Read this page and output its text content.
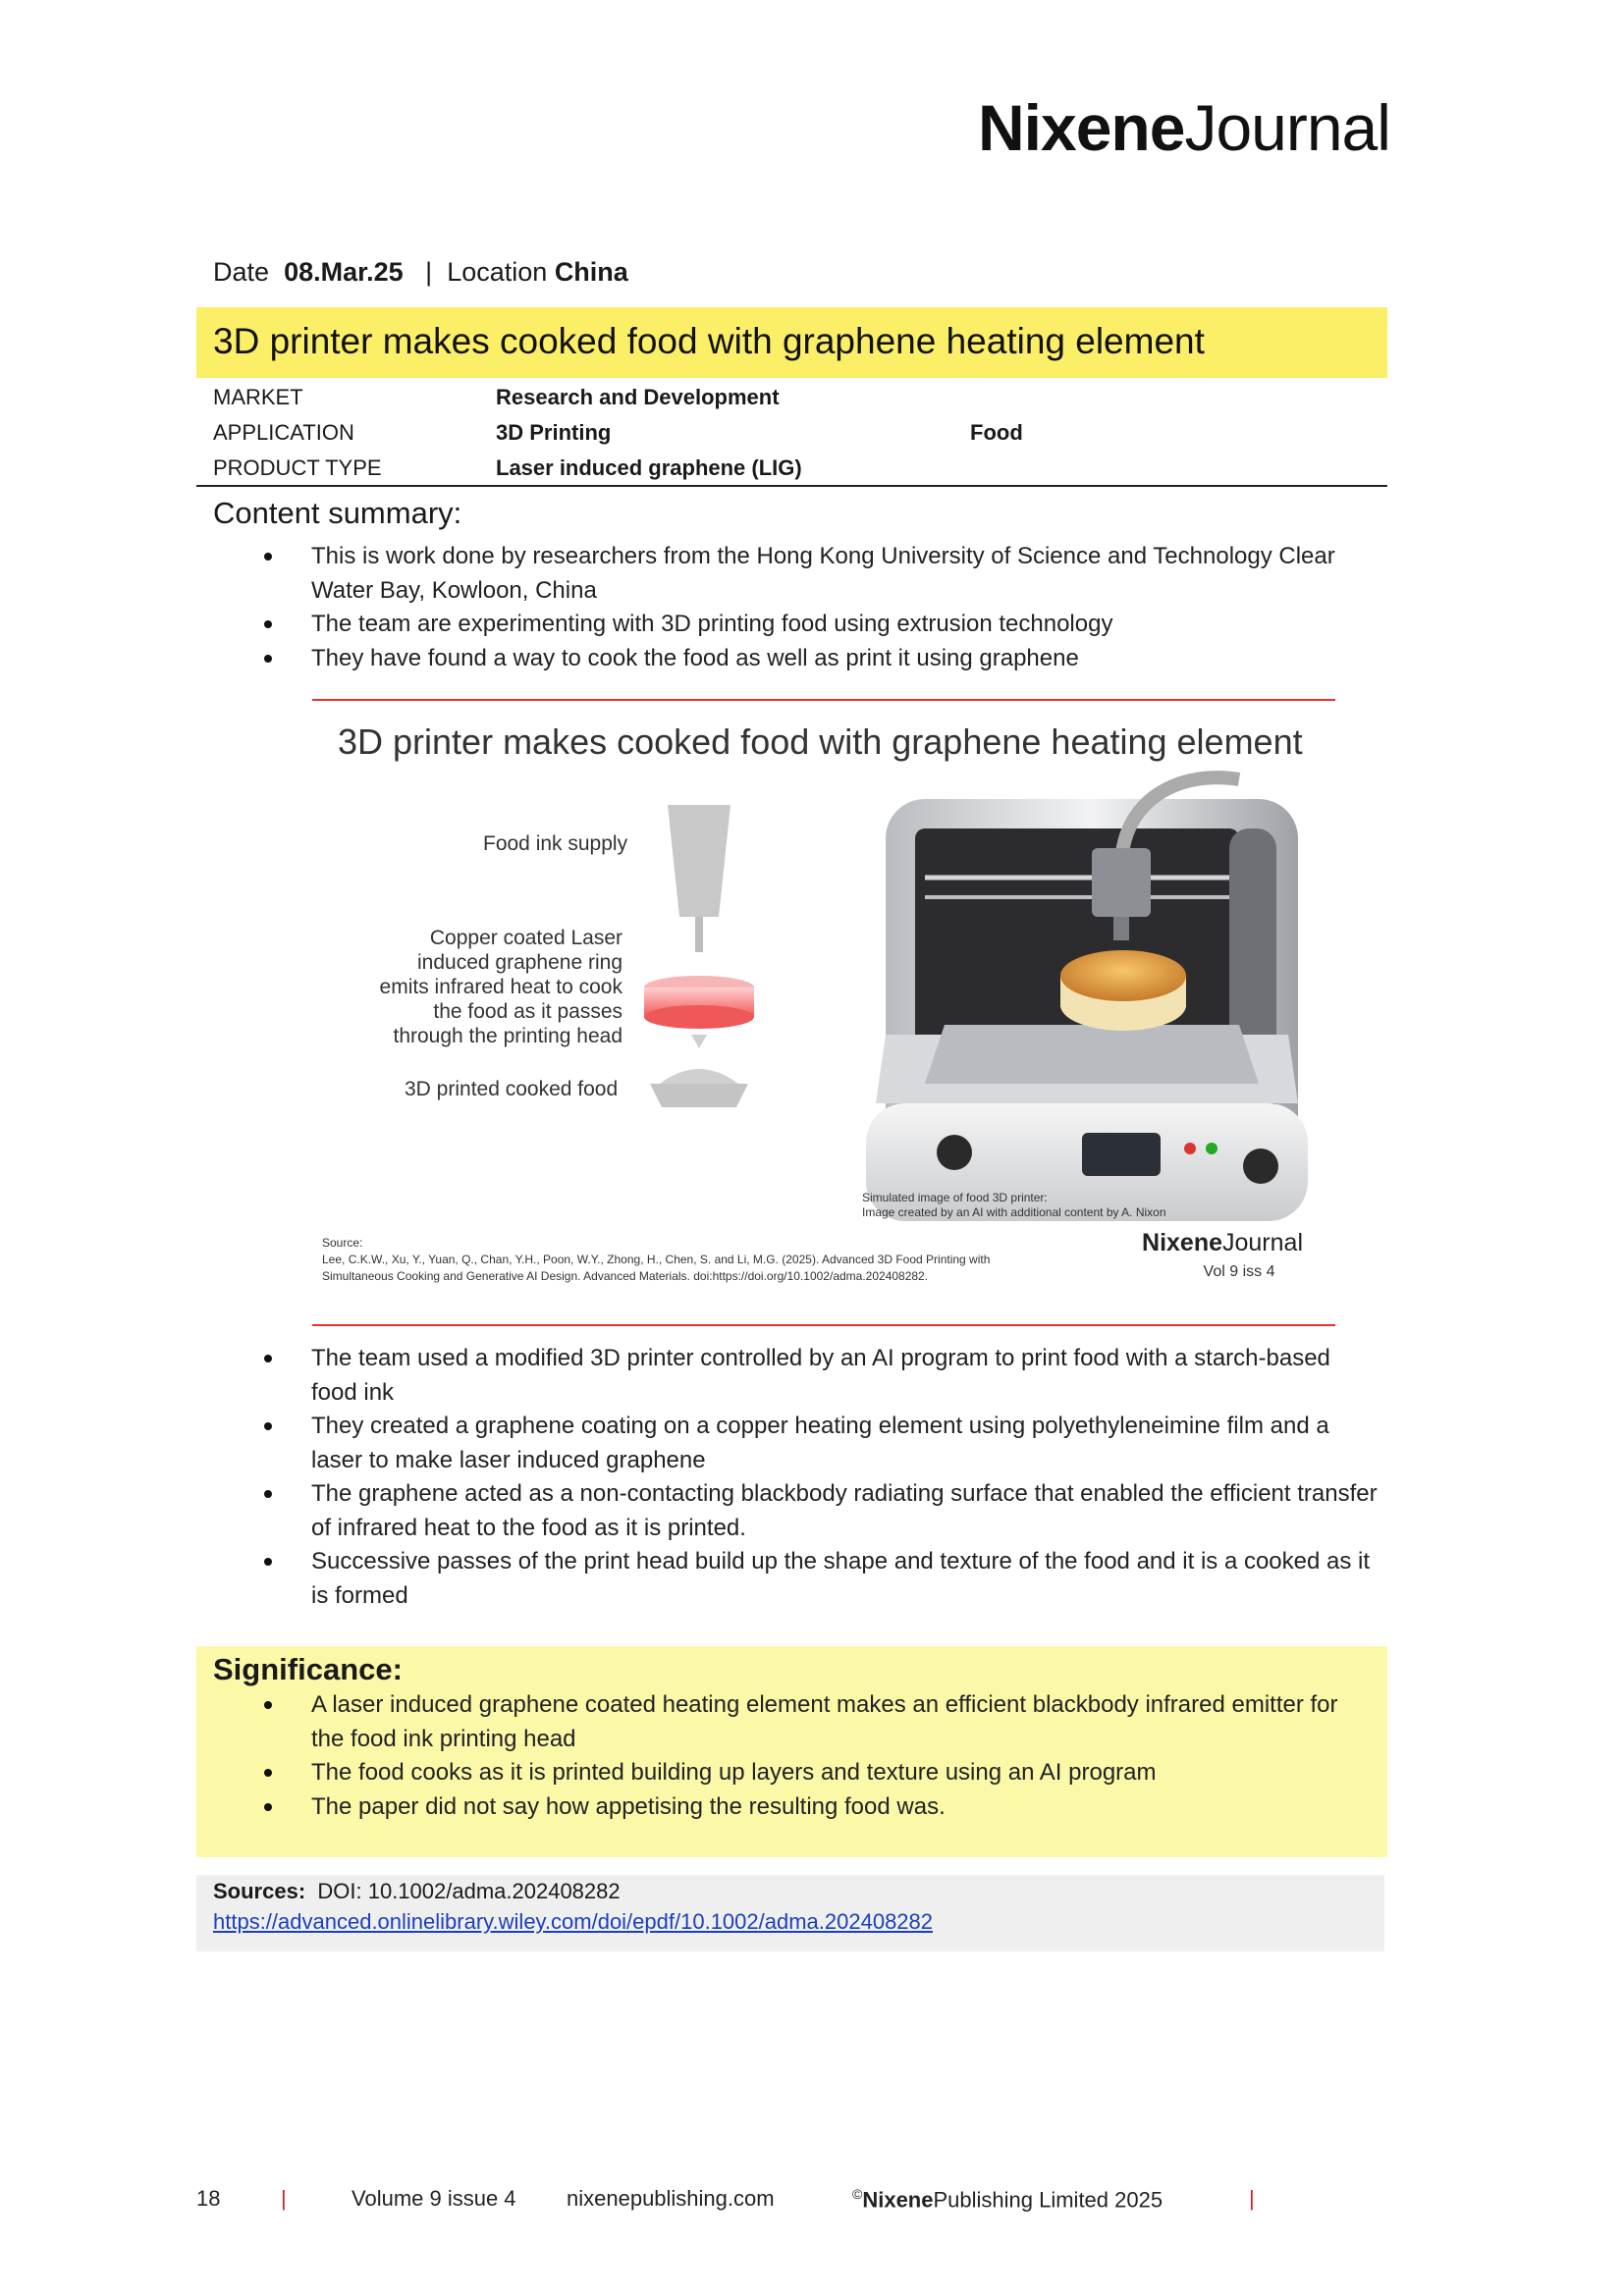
NixeneJournal
Date 08.Mar.25 | Location China
3D printer makes cooked food with graphene heating element
MARKET	Research and Development
APPLICATION	3D Printing	Food
PRODUCT TYPE	Laser induced graphene (LIG)
Content summary:
This is work done by researchers from the Hong Kong University of Science and Technology Clear Water Bay, Kowloon, China
The team are experimenting with 3D printing food using extrusion technology
They have found a way to cook the food as well as print it using graphene
3D printer makes cooked food with graphene heating element
Food ink supply
Copper coated Laser
induced graphene ring
emits infrared heat to cook
the food as it passes
through the printing head
3D printed cooked food
Simulated image of food 3D printer:
Image created by an AI with additional content by A. Nixon
Source:
Lee, C.K.W., Xu, Y., Yuan, Q., Chan, Y.H., Poon, W.Y., Zhong, H., Chen, S. and Li, M.G. (2025). Advanced 3D Food Printing with
Simultaneous Cooking and Generative AI Design. Advanced Materials. doi:https://doi.org/10.1002/adma.202408282.
NixeneJournal
Vol 9 iss 4
The team used a modified 3D printer controlled by an AI program to print food with a starch-based food ink
They created a graphene coating on a copper heating element using polyethyleneimine film and a laser to make laser induced graphene
The graphene acted as a non-contacting blackbody radiating surface that enabled the efficient transfer of infrared heat to the food as it is printed.
Successive passes of the print head build up the shape and texture of the food and it is a cooked as it is formed
Significance:
A laser induced graphene coated heating element makes an efficient blackbody infrared emitter for the food ink printing head
The food cooks as it is printed building up layers and texture using an AI program
The paper did not say how appetising the resulting food was.
Sources: DOI: 10.1002/adma.202408282
https://advanced.onlinelibrary.wiley.com/doi/epdf/10.1002/adma.202408282
18	|	Volume 9 issue 4 nixenepublishing.com	©NixenePublishing Limited 2025	|
